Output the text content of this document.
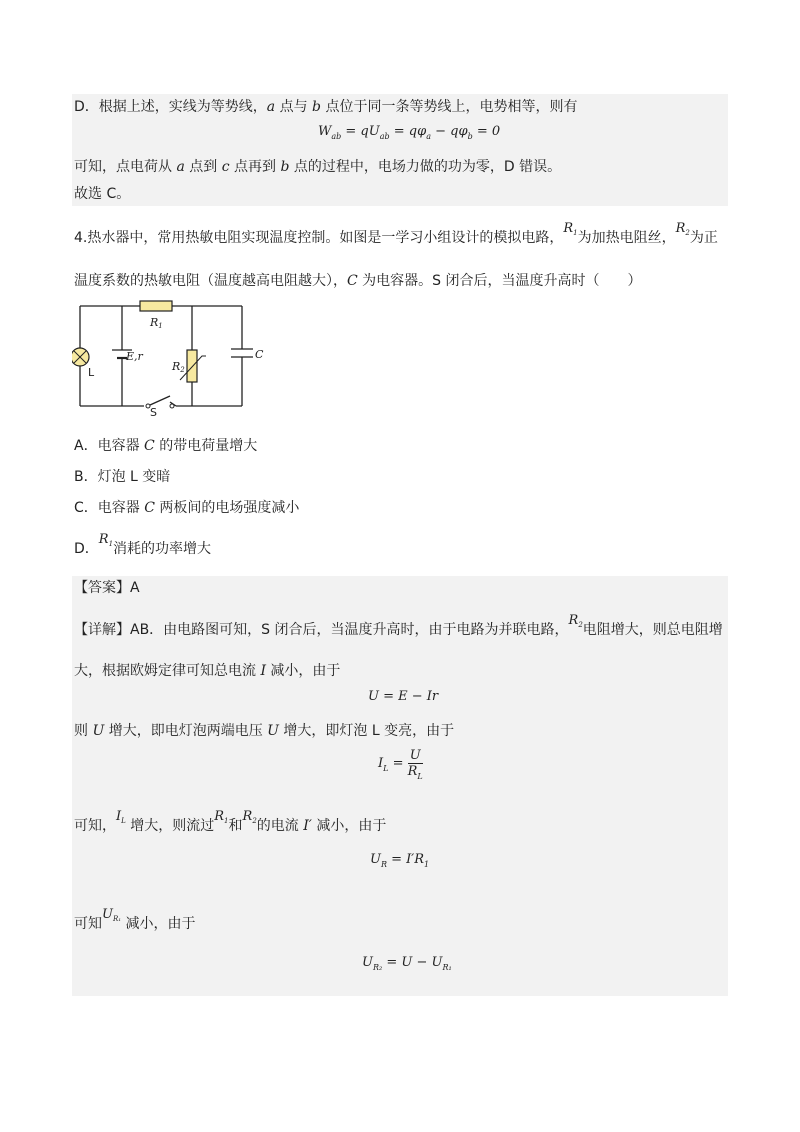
D．根据上述，实线为等势线，a 点与 b 点位于同一条等势线上，电势相等，则有
$W_{ab} = qU_{ab} = q\varphi_a - q\varphi_b = 0$
可知，点电荷从 a 点到 c 点再到 b 点的过程中，电场力做的功为零，D 错误。
故选 C。
4.热水器中，常用热敏电阻实现温度控制。如图是一学习小组设计的模拟电路，$R_1$为加热电阻丝，$R_2$为正
温度系数的热敏电阻（温度越高电阻越大），C 为电容器。S 闭合后，当温度升高时（　　）
R1
E,r
R2
C
L
S
A．电容器 C 的带电荷量增大
B．灯泡 L 变暗
C．电容器 C 两板间的电场强度减小
D．$R_1$消耗的功率增大
【答案】A
【详解】AB．由电路图可知，S 闭合后，当温度升高时，由于电路为并联电路，$R_2$电阻增大，则总电阻增
大，根据欧姆定律可知总电流 I 减小，由于
U = E − Ir
则 U 增大，即电灯泡两端电压 U 增大，即灯泡 L 变亮，由于
$I_L = \frac{U}{R_L}$
可知，$I_L$ 增大，则流过$R_1$和$R_2$的电流 I′ 减小，由于
$U_R = I'R_1$
可知$U_{R_1}$ 减小，由于
$U_{R_2} = U - U_{R_1}$
